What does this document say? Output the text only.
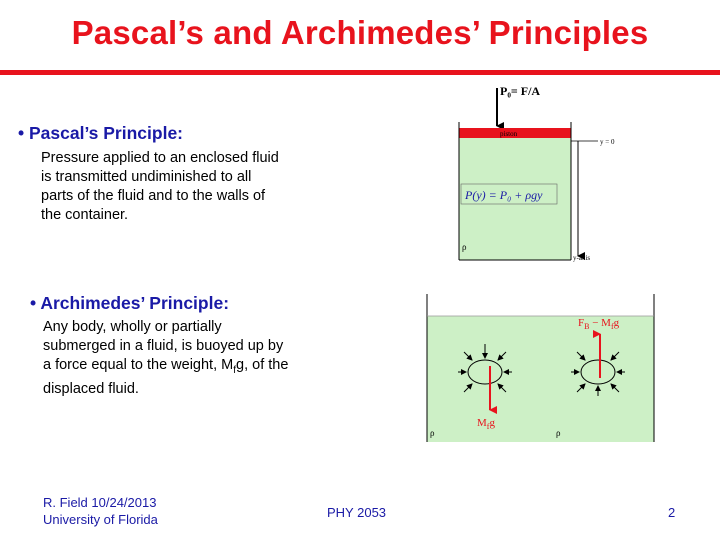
Pascal’s and Archimedes’ Principles
• Pascal’s Principle:
Pressure applied to an enclosed fluid
is transmitted undiminished to all
parts of the fluid and to the walls of
the container.
P₀= F/A
piston
y = 0
y-axis
P(y) = P₀ + ρgy
ρ
• Archimedes’ Principle:
Any body, wholly or partially
submerged in a fluid, is buoyed up by
a force equal to the weight, $M_fg$, of the
displaced fluid.
$M_fg$
$F_B - M_fg$
ρ	ρ
R. Field 10/24/2013
University of Florida	PHY 2053	2
